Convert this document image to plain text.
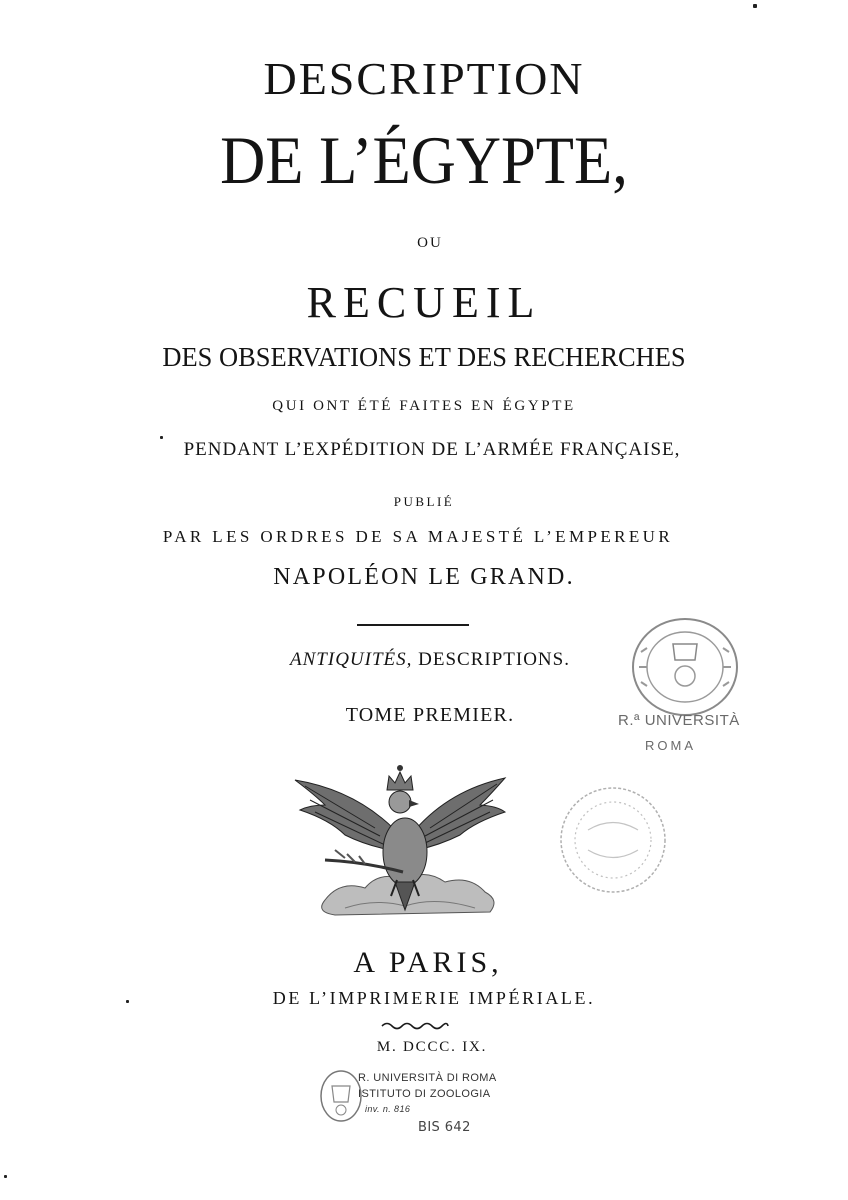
DESCRIPTION
DE L’ÉGYPTE,
OU
RECUEIL
DES OBSERVATIONS ET DES RECHERCHES
QUI ONT ÉTÉ FAITES EN ÉGYPTE
PENDANT L’EXPÉDITION DE L’ARMÉE FRANÇAISE,
PUBLIÉ
PAR LES ORDRES DE SA MAJESTÉ L’EMPEREUR
NAPOLÉON LE GRAND.
ANTIQUITÉS, DESCRIPTIONS.
TOME PREMIER.	R.ª UNIVERSITÀ
ROMA
A PARIS,
DE L’IMPRIMERIE IMPÉRIALE.
M. DCCC. IX.
R. UNIVERSITÀ DI ROMA
ISTITUTO DI ZOOLOGIA
inv. n. 816
BIS 642
